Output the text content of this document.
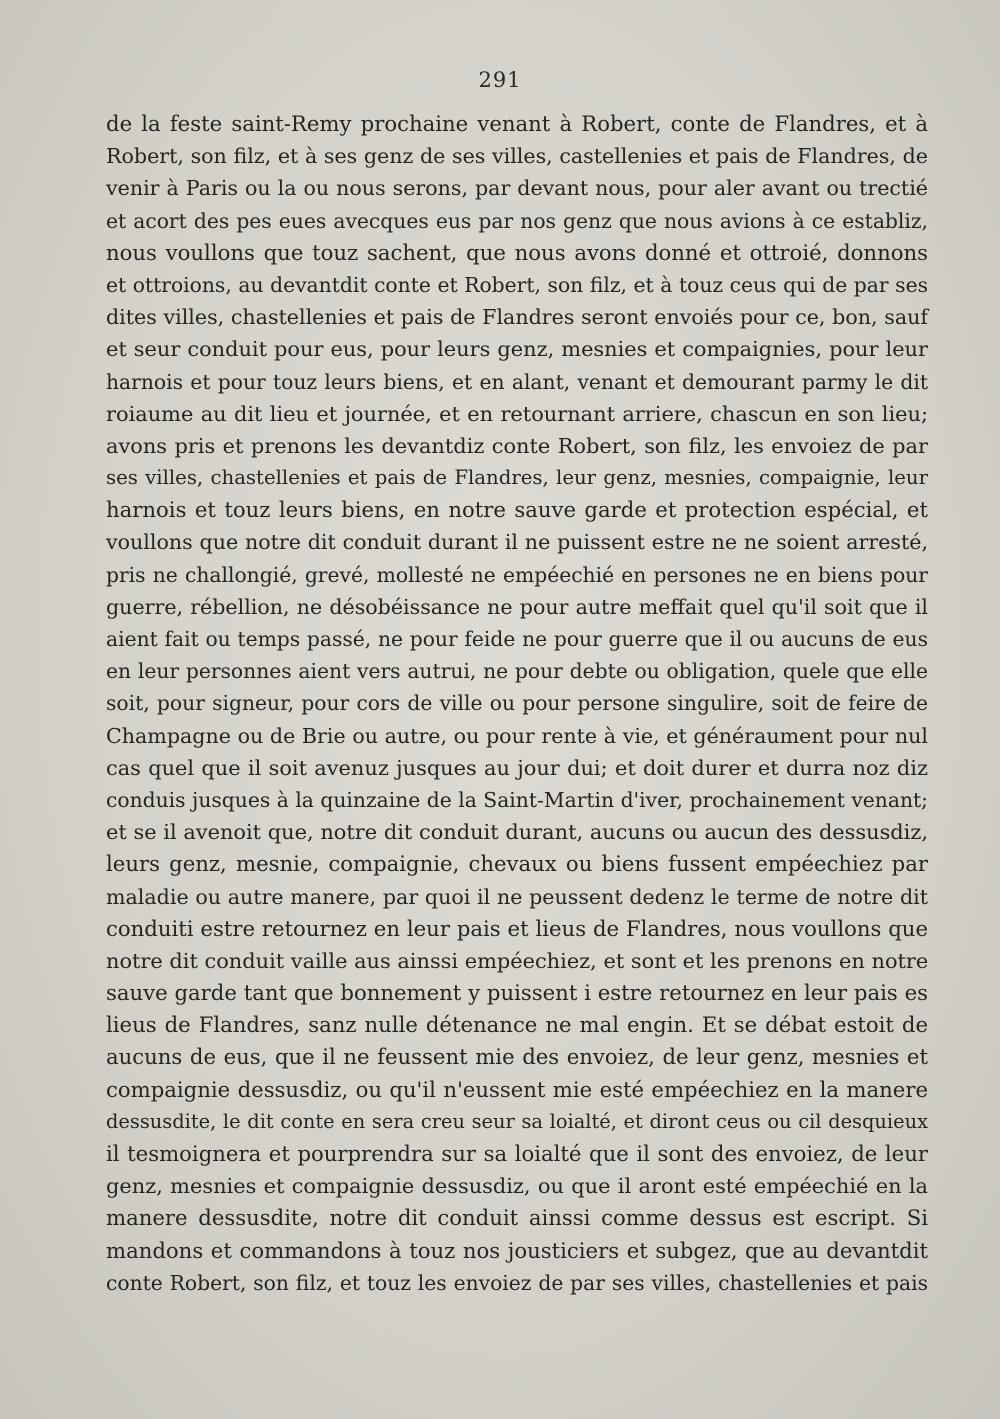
291
de la feste saint-Remy prochaine venant à Robert, conte de Flandres, et à
Robert, son filz, et à ses genz de ses villes, castellenies et pais de Flandres, de
venir à Paris ou la ou nous serons, par devant nous, pour aler avant ou trectié
et acort des pes eues avecques eus par nos genz que nous avions à ce establiz,
nous voullons que touz sachent, que nous avons donné et ottroié, donnons
et ottroions, au devantdit conte et Robert, son filz, et à touz ceus qui de par ses
dites villes, chastellenies et pais de Flandres seront envoiés pour ce, bon, sauf
et seur conduit pour eus, pour leurs genz, mesnies et compaignies, pour leur
harnois et pour touz leurs biens, et en alant, venant et demourant parmy le dit
roiaume au dit lieu et journée, et en retournant arriere, chascun en son lieu;
avons pris et prenons les devantdiz conte Robert, son filz, les envoiez de par
ses villes, chastellenies et pais de Flandres, leur genz, mesnies, compaignie, leur
harnois et touz leurs biens, en notre sauve garde et protection espécial, et
voullons que notre dit conduit durant il ne puissent estre ne ne soient arresté,
pris ne challongié, grevé, mollesté ne empéechié en persones ne en biens pour
guerre, rébellion, ne désobéissance ne pour autre meffait quel qu'il soit que il
aient fait ou temps passé, ne pour feide ne pour guerre que il ou aucuns de eus
en leur personnes aient vers autrui, ne pour debte ou obligation, quele que elle
soit, pour signeur, pour cors de ville ou pour persone singulire, soit de feire de
Champagne ou de Brie ou autre, ou pour rente à vie, et généraument pour nul
cas quel que il soit avenuz jusques au jour dui; et doit durer et durra noz diz
conduis jusques à la quinzaine de la Saint-Martin d'iver, prochainement venant;
et se il avenoit que, notre dit conduit durant, aucuns ou aucun des dessusdiz,
leurs genz, mesnie, compaignie, chevaux ou biens fussent empéechiez par
maladie ou autre manere, par quoi il ne peussent dedenz le terme de notre dit
conduiti estre retournez en leur pais et lieus de Flandres, nous voullons que
notre dit conduit vaille aus ainssi empéechiez, et sont et les prenons en notre
sauve garde tant que bonnement y puissent i estre retournez en leur pais es
lieus de Flandres, sanz nulle détenance ne mal engin. Et se débat estoit de
aucuns de eus, que il ne feussent mie des envoiez, de leur genz, mesnies et
compaignie dessusdiz, ou qu'il n'eussent mie esté empéechiez en la manere
dessusdite, le dit conte en sera creu seur sa loialté, et diront ceus ou cil desquieux
il tesmoignera et pourprendra sur sa loialté que il sont des envoiez, de leur
genz, mesnies et compaignie dessusdiz, ou que il aront esté empéechié en la
manere dessusdite, notre dit conduit ainssi comme dessus est escript. Si
mandons et commandons à touz nos jousticiers et subgez, que au devantdit
conte Robert, son filz, et touz les envoiez de par ses villes, chastellenies et pais
